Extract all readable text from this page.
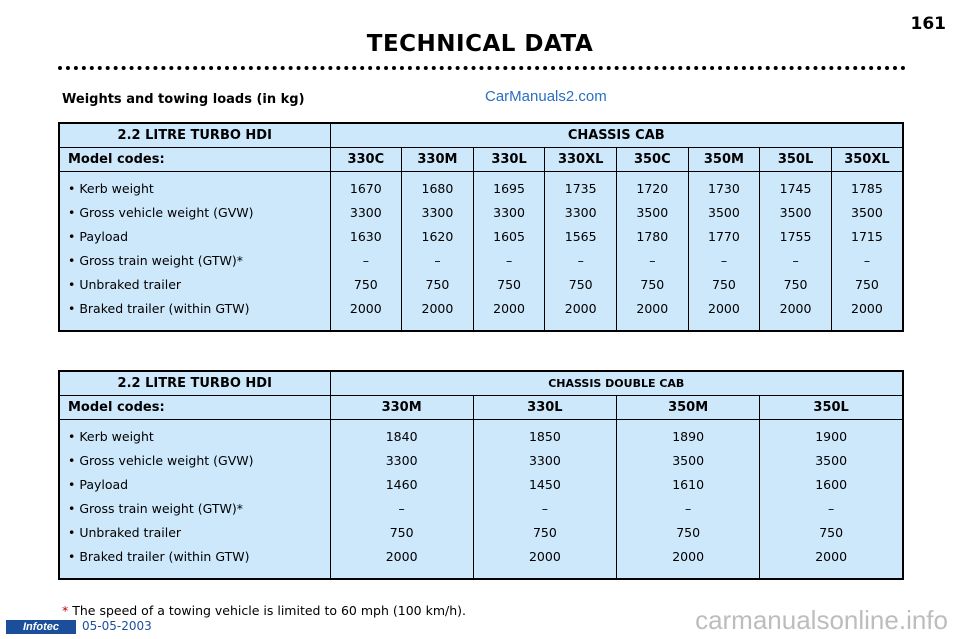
161
TECHNICAL DATA
Weights and towing loads (in kg)	CarManuals2.com
2.2 LITRE TURBO HDI	CHASSIS CAB							
Model codes:	330C	330M	330L	330XL	350C	350M	350L	350XL
• Kerb weight	1670	1680	1695	1735	1720	1730	1745	1785
• Gross vehicle weight (GVW)	3300	3300	3300	3300	3500	3500	3500	3500
• Payload	1630	1620	1605	1565	1780	1770	1755	1715
• Gross train weight (GTW)*	–	–	–	–	–	–	–	–
• Unbraked trailer	750	750	750	750	750	750	750	750
• Braked trailer (within GTW)	2000	2000	2000	2000	2000	2000	2000	2000

2.2 LITRE TURBO HDI	CHASSIS DOUBLE CAB			
Model codes:	330M	330L	350M	350L
• Kerb weight	1840	1850	1890	1900
• Gross vehicle weight (GVW)	3300	3300	3500	3500
• Payload	1460	1450	1610	1600
• Gross train weight (GTW)*	–	–	–	–
• Unbraked trailer	750	750	750	750
• Braked trailer (within GTW)	2000	2000	2000	2000

* The speed of a towing vehicle is limited to 60 mph (100 km/h).
Infotec	05-05-2003	carmanualsonline.info
